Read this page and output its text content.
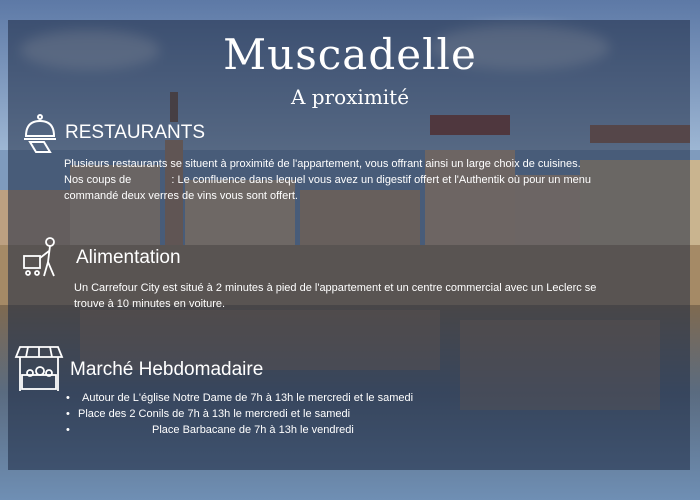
Muscadelle
A proximité
RESTAURANTS
Plusieurs restaurants se situent à proximité de l'appartement, vous offrant ainsi un large choix de cuisines.
Nos coups de	: Le confluence dans lequel vous avez un digestif offert et l'Authentik où pour un menu
commandé deux verres de vins vous sont offert.
Alimentation
Un Carrefour City est situé à 2 minutes à pied de l'appartement et un centre commercial avec un Leclerc se
trouve à 10 minutes en voiture.
Marché Hebdomadaire
• Autour de L'église Notre Dame de 7h à 13h le mercredi et le samedi
• Place des 2 Conils de 7h à 13h le mercredi et le samedi
• Place Barbacane de 7h à 13h le vendredi
